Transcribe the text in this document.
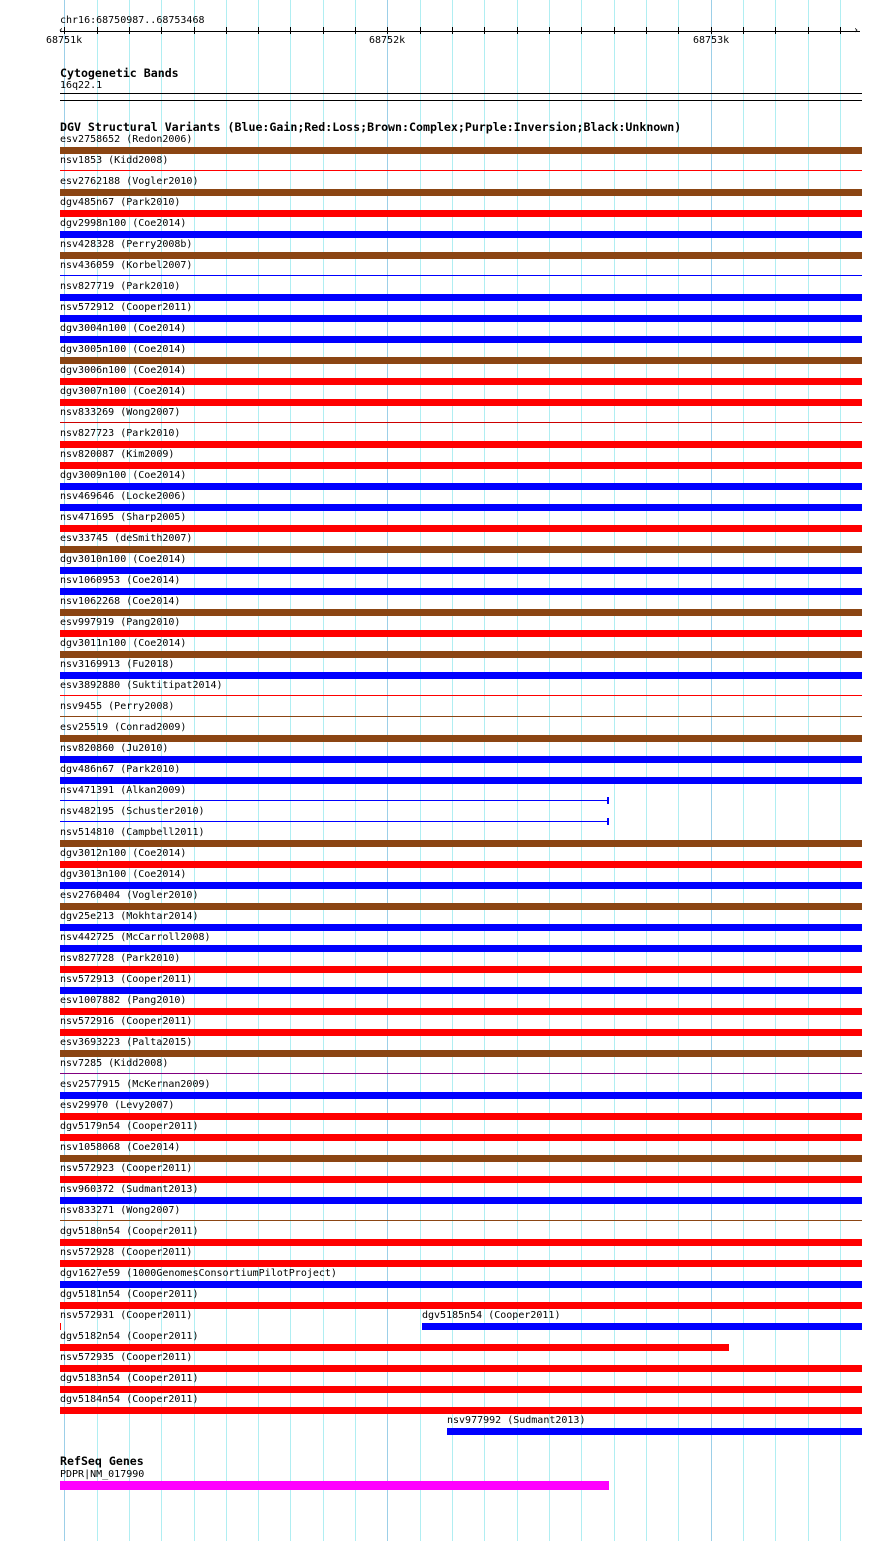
chr16:68750987..68753468
‹	›
68751k	68752k	68753k
Cytogenetic Bands
16q22.1
DGV Structural Variants (Blue:Gain;Red:Loss;Brown:Complex;Purple:Inversion;Black:Unknown)
esv2758652 (Redon2006)
nsv1853 (Kidd2008)
esv2762188 (Vogler2010)
dgv485n67 (Park2010)
dgv2998n100 (Coe2014)
nsv428328 (Perry2008b)
nsv436059 (Korbel2007)
nsv827719 (Park2010)
nsv572912 (Cooper2011)
dgv3004n100 (Coe2014)
dgv3005n100 (Coe2014)
dgv3006n100 (Coe2014)
dgv3007n100 (Coe2014)
nsv833269 (Wong2007)
nsv827723 (Park2010)
nsv820087 (Kim2009)
dgv3009n100 (Coe2014)
nsv469646 (Locke2006)
nsv471695 (Sharp2005)
esv33745 (deSmith2007)
dgv3010n100 (Coe2014)
nsv1060953 (Coe2014)
nsv1062268 (Coe2014)
esv997919 (Pang2010)
dgv3011n100 (Coe2014)
nsv3169913 (Fu2018)
esv3892880 (Suktitipat2014)
nsv9455 (Perry2008)
esv25519 (Conrad2009)
nsv820860 (Ju2010)
dgv486n67 (Park2010)
nsv471391 (Alkan2009)
nsv482195 (Schuster2010)
nsv514810 (Campbell2011)
dgv3012n100 (Coe2014)
dgv3013n100 (Coe2014)
esv2760404 (Vogler2010)
dgv25e213 (Mokhtar2014)
nsv442725 (McCarroll2008)
nsv827728 (Park2010)
nsv572913 (Cooper2011)
esv1007882 (Pang2010)
nsv572916 (Cooper2011)
esv3693223 (Palta2015)
nsv7285 (Kidd2008)
esv2577915 (McKernan2009)
esv29970 (Levy2007)
dgv5179n54 (Cooper2011)
nsv1058068 (Coe2014)
nsv572923 (Cooper2011)
nsv960372 (Sudmant2013)
nsv833271 (Wong2007)
dgv5180n54 (Cooper2011)
nsv572928 (Cooper2011)
dgv1627e59 (1000GenomesConsortiumPilotProject)
dgv5181n54 (Cooper2011)
nsv572931 (Cooper2011)	dgv5185n54 (Cooper2011)
dgv5182n54 (Cooper2011)
nsv572935 (Cooper2011)
dgv5183n54 (Cooper2011)
dgv5184n54 (Cooper2011)
nsv977992 (Sudmant2013)
RefSeq Genes
PDPR|NM_017990
